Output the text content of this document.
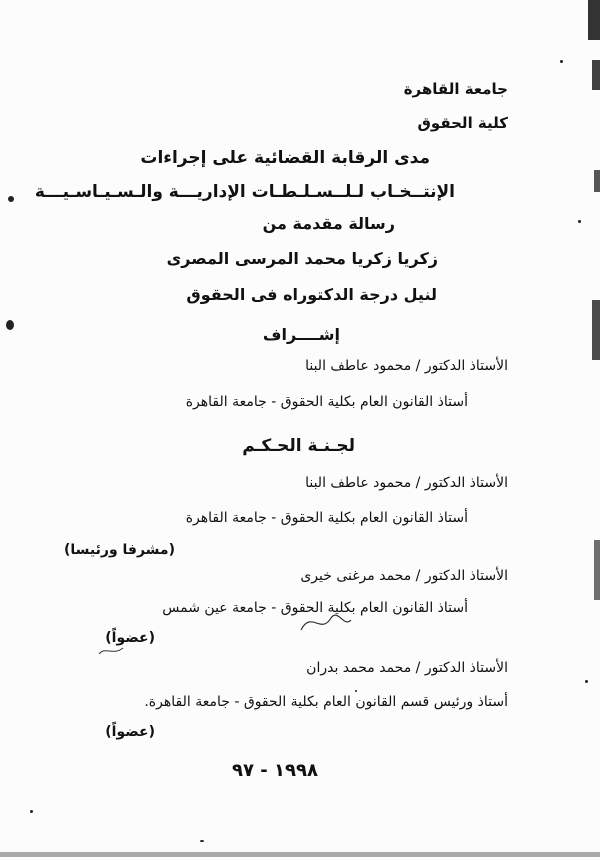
جامعة القاهرة
كلية الحقوق
مدى الرقابة القضائية على إجراءات
الإنتــخـاب لـلــسـلـطـات الإداريـــة والـسـيـاسـيـــة
رسالة مقدمة من
زكريا زكريا محمد المرسى المصرى
لنيل درجة الدكتوراه فى الحقوق
إشــــراف
الأستاذ الدكتور / محمود عاطف البنا
أستاذ القانون العام بكلية الحقوق - جامعة القاهرة
لجـنـة الحـكـم
الأستاذ الدكتور / محمود عاطف البنا
أستاذ القانون العام بكلية الحقوق - جامعة القاهرة
(مشرفا ورئيسا)
الأستاذ الدكتور / محمد مرغنى خيرى
أستاذ القانون العام بكلية الحقوق - جامعة عين شمس
(عضواً)
الأستاذ الدكتور / محمد محمد بدران
أستاذ ورئيس قسم القانون العام بكلية الحقوق - جامعة القاهرة.
(عضواً)
١٩٩٨ - ٩٧
